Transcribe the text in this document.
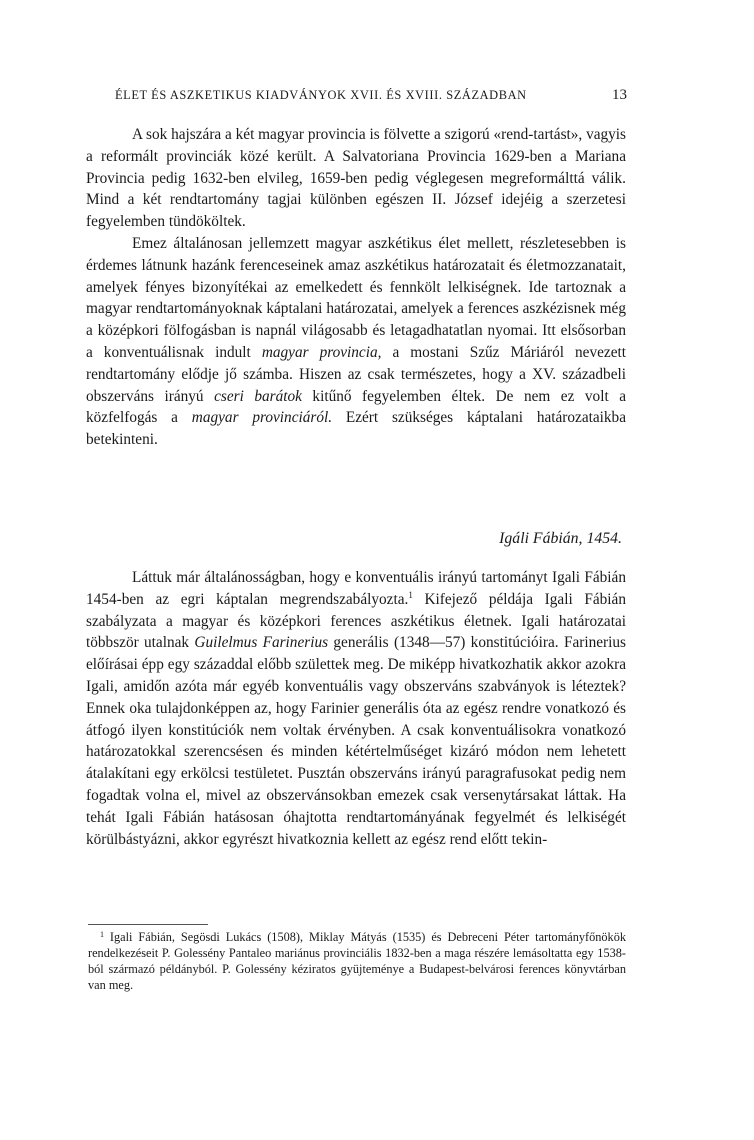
ÉLET ÉS ASZKETIKUS KIADVÁNYOK XVII. ÉS XVIII. SZÁZADBAN	13

A sok hajszára a két magyar provincia is fölvette a szigorú «rend-tartást», vagyis a reformált provinciák közé került. A Salvatoriana Provincia 1629-ben a Mariana Provincia pedig 1632-ben elvileg, 1659-ben pedig véglegesen megreformálttá válik. Mind a két rendtartomány tagjai különben egészen II. József idejéig a szerzetesi fegyelemben tündököltek.

Emez általánosan jellemzett magyar aszkétikus élet mellett, részletesebben is érdemes látnunk hazánk ferenceseinek amaz aszkétikus határozatait és életmozzanatait, amelyek fényes bizonyítékai az emelkedett és fennkölt lelkiségnek. Ide tartoznak a magyar rendtartományoknak káptalani határozatai, amelyek a ferences aszkézisnek még a középkori fölfogásban is napnál világosabb és letagadhatatlan nyomai. Itt elsősorban a konventuálisnak indult magyar provincia, a mostani Szűz Máriáról nevezett rendtartomány elődje jő számba. Hiszen az csak természetes, hogy a XV. századbeli obszerváns irányú cseri barátok kitűnő fegyelemben éltek. De nem ez volt a közfelfogás a magyar provinciáról. Ezért szükséges káptalani határozataikba betekinteni.

Igáli Fábián, 1454.

Láttuk már általánosságban, hogy e konventuális irányú tartományt Igali Fábián 1454-ben az egri káptalan megrendszabályozta.$^1$ Kifejező példája Igali Fábián szabályzata a magyar és középkori ferences aszkétikus életnek. Igali határozatai többször utalnak Guilelmus Farinerius generális (1348—57) konstitúcióira. Farinerius előírásai épp egy századdal előbb születtek meg. De miképp hivatkozhatik akkor azokra Igali, amidőn azóta már egyéb konventuális vagy obszerváns szabványok is léteztek? Ennek oka tulajdonképpen az, hogy Farinier generális óta az egész rendre vonatkozó és átfogó ilyen konstitúciók nem voltak érvényben. A csak konventuálisokra vonatkozó határozatokkal szerencsésen és minden kétértelműséget kizáró módon nem lehetett átalakítani egy erkölcsi testületet. Pusztán obszerváns irányú paragrafusokat pedig nem fogadtak volna el, mivel az obszervánsokban emezek csak versenytársakat láttak. Ha tehát Igali Fábián hatásosan óhajtotta rendtartományának fegyelmét és lelkiségét körülbástyázni, akkor egyrészt hivatkoznia kellett az egész rend előtt tekin-

$^1$ Igali Fábián, Segösdi Lukács (1508), Miklay Mátyás (1535) és Debreceni Péter tartományfőnökök rendelkezéseit P. Golessény Pantaleo mariánus provinciális 1832-ben a maga részére lemásoltatta egy 1538-ból származó példányból. P. Golessény kéziratos gyüjteménye a Budapest-belvárosi ferences könyvtárban van meg.
